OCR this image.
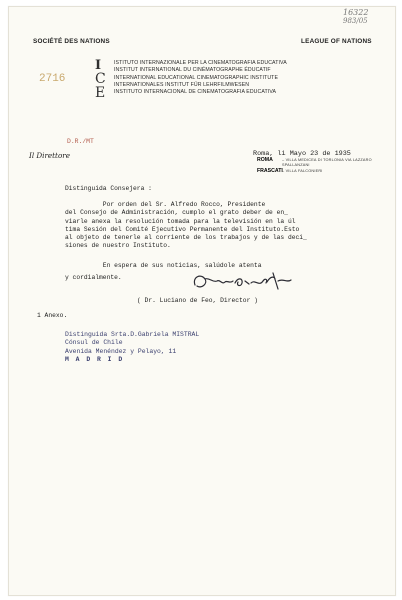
16322
983/05
SOCIÉTÉ DES NATIONS	LEAGUE OF NATIONS
2716
I
C
E
ISTITUTO INTERNAZIONALE PER LA CINEMATOGRAFIA EDUCATIVA
INSTITUT INTERNATIONAL DU CINÉMATOGRAPHE ÉDUCATIF
INTERNATIONAL EDUCATIONAL CINEMATOGRAPHIC INSTITUTE
INTERNATIONALES INSTITUT FÜR LEHRFILMWESEN
INSTITUTO INTERNACIONAL DE CINEMATOGRAFIA EDUCATIVA
D.R./MT
Roma, li Mayo 23 de 1935
ROMA	– VILLA MEDICEA DI TORLONIA VIA LAZZARO SPALLANZANI
FRASCATI – VILLA FALCONIERI
Il Direttore
Distinguida Consejera :

Por orden del Sr. Alfredo Rocco, Presidente

del Consejo de Administración, cumplo el grato deber de en_

viarle anexa la resolución tomada para la televisión en la úl

tima Sesión del Comité Ejecutivo Permanente del Instituto.Esto

al objeto de tenerle al corriente de los trabajos y de las deci_

siones de nuestro Instituto.

En espera de sus noticias, salúdole atenta

y cordialmente.

( Dr. Luciano de Feo, Director )
1 Anexo.

Distinguida Srta.D.Gabriela MISTRAL

Cónsul de Chile

Avenida Menéndez y Pelayo, 11

M A D R I D
